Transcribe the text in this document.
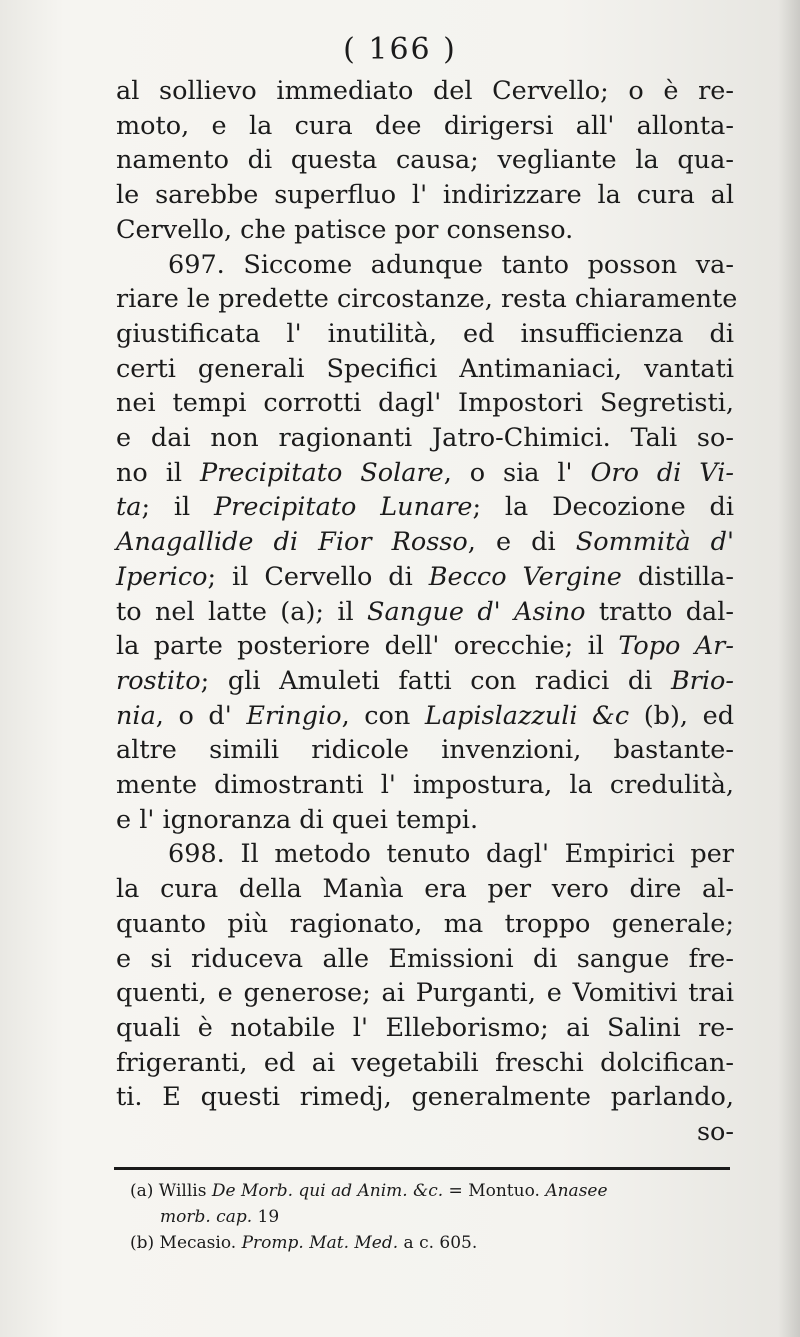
( 166 )
al sollievo immediato del Cervello; o è re-
moto, e la cura dee dirigersi all' allonta-
namento di questa causa; vegliante la qua-
le sarebbe superfluo l' indirizzare la cura al
Cervello, che patisce por consenso.
697. Siccome adunque tanto posson va-
riare le predette circostanze, resta chiaramente
giustificata l' inutilità, ed insufficienza di
certi generali Specifici Antimaniaci, vantati
nei tempi corrotti dagl' Impostori Segretisti,
e dai non ragionanti Jatro-Chimici. Tali so-
no il Precipitato Solare, o sia l' Oro di Vi-
ta; il Precipitato Lunare; la Decozione di
Anagallide di Fior Rosso, e di Sommità d'
Iperico; il Cervello di Becco Vergine distilla-
to nel latte (a); il Sangue d' Asino tratto dal-
la parte posteriore dell' orecchie; il Topo Ar-
rostito; gli Amuleti fatti con radici di Brio-
nia, o d' Eringio, con Lapislazzuli &c (b), ed
altre simili ridicole invenzioni, bastante-
mente dimostranti l' impostura, la credulità,
e l' ignoranza di quei tempi.
698. Il metodo tenuto dagl' Empirici per
la cura della Manìa era per vero dire al-
quanto più ragionato, ma troppo generale;
e si riduceva alle Emissioni di sangue fre-
quenti, e generose; ai Purganti, e Vomitivi trai
quali è notabile l' Elleborismo; ai Salini re-
frigeranti, ed ai vegetabili freschi dolcifican-
ti. E questi rimedj, generalmente parlando,
so-
(a) Willis De Morb. qui ad Anim. &c. = Montuo. Anasee
morb. cap. 19
(b) Mecasio. Promp. Mat. Med. a c. 605.
